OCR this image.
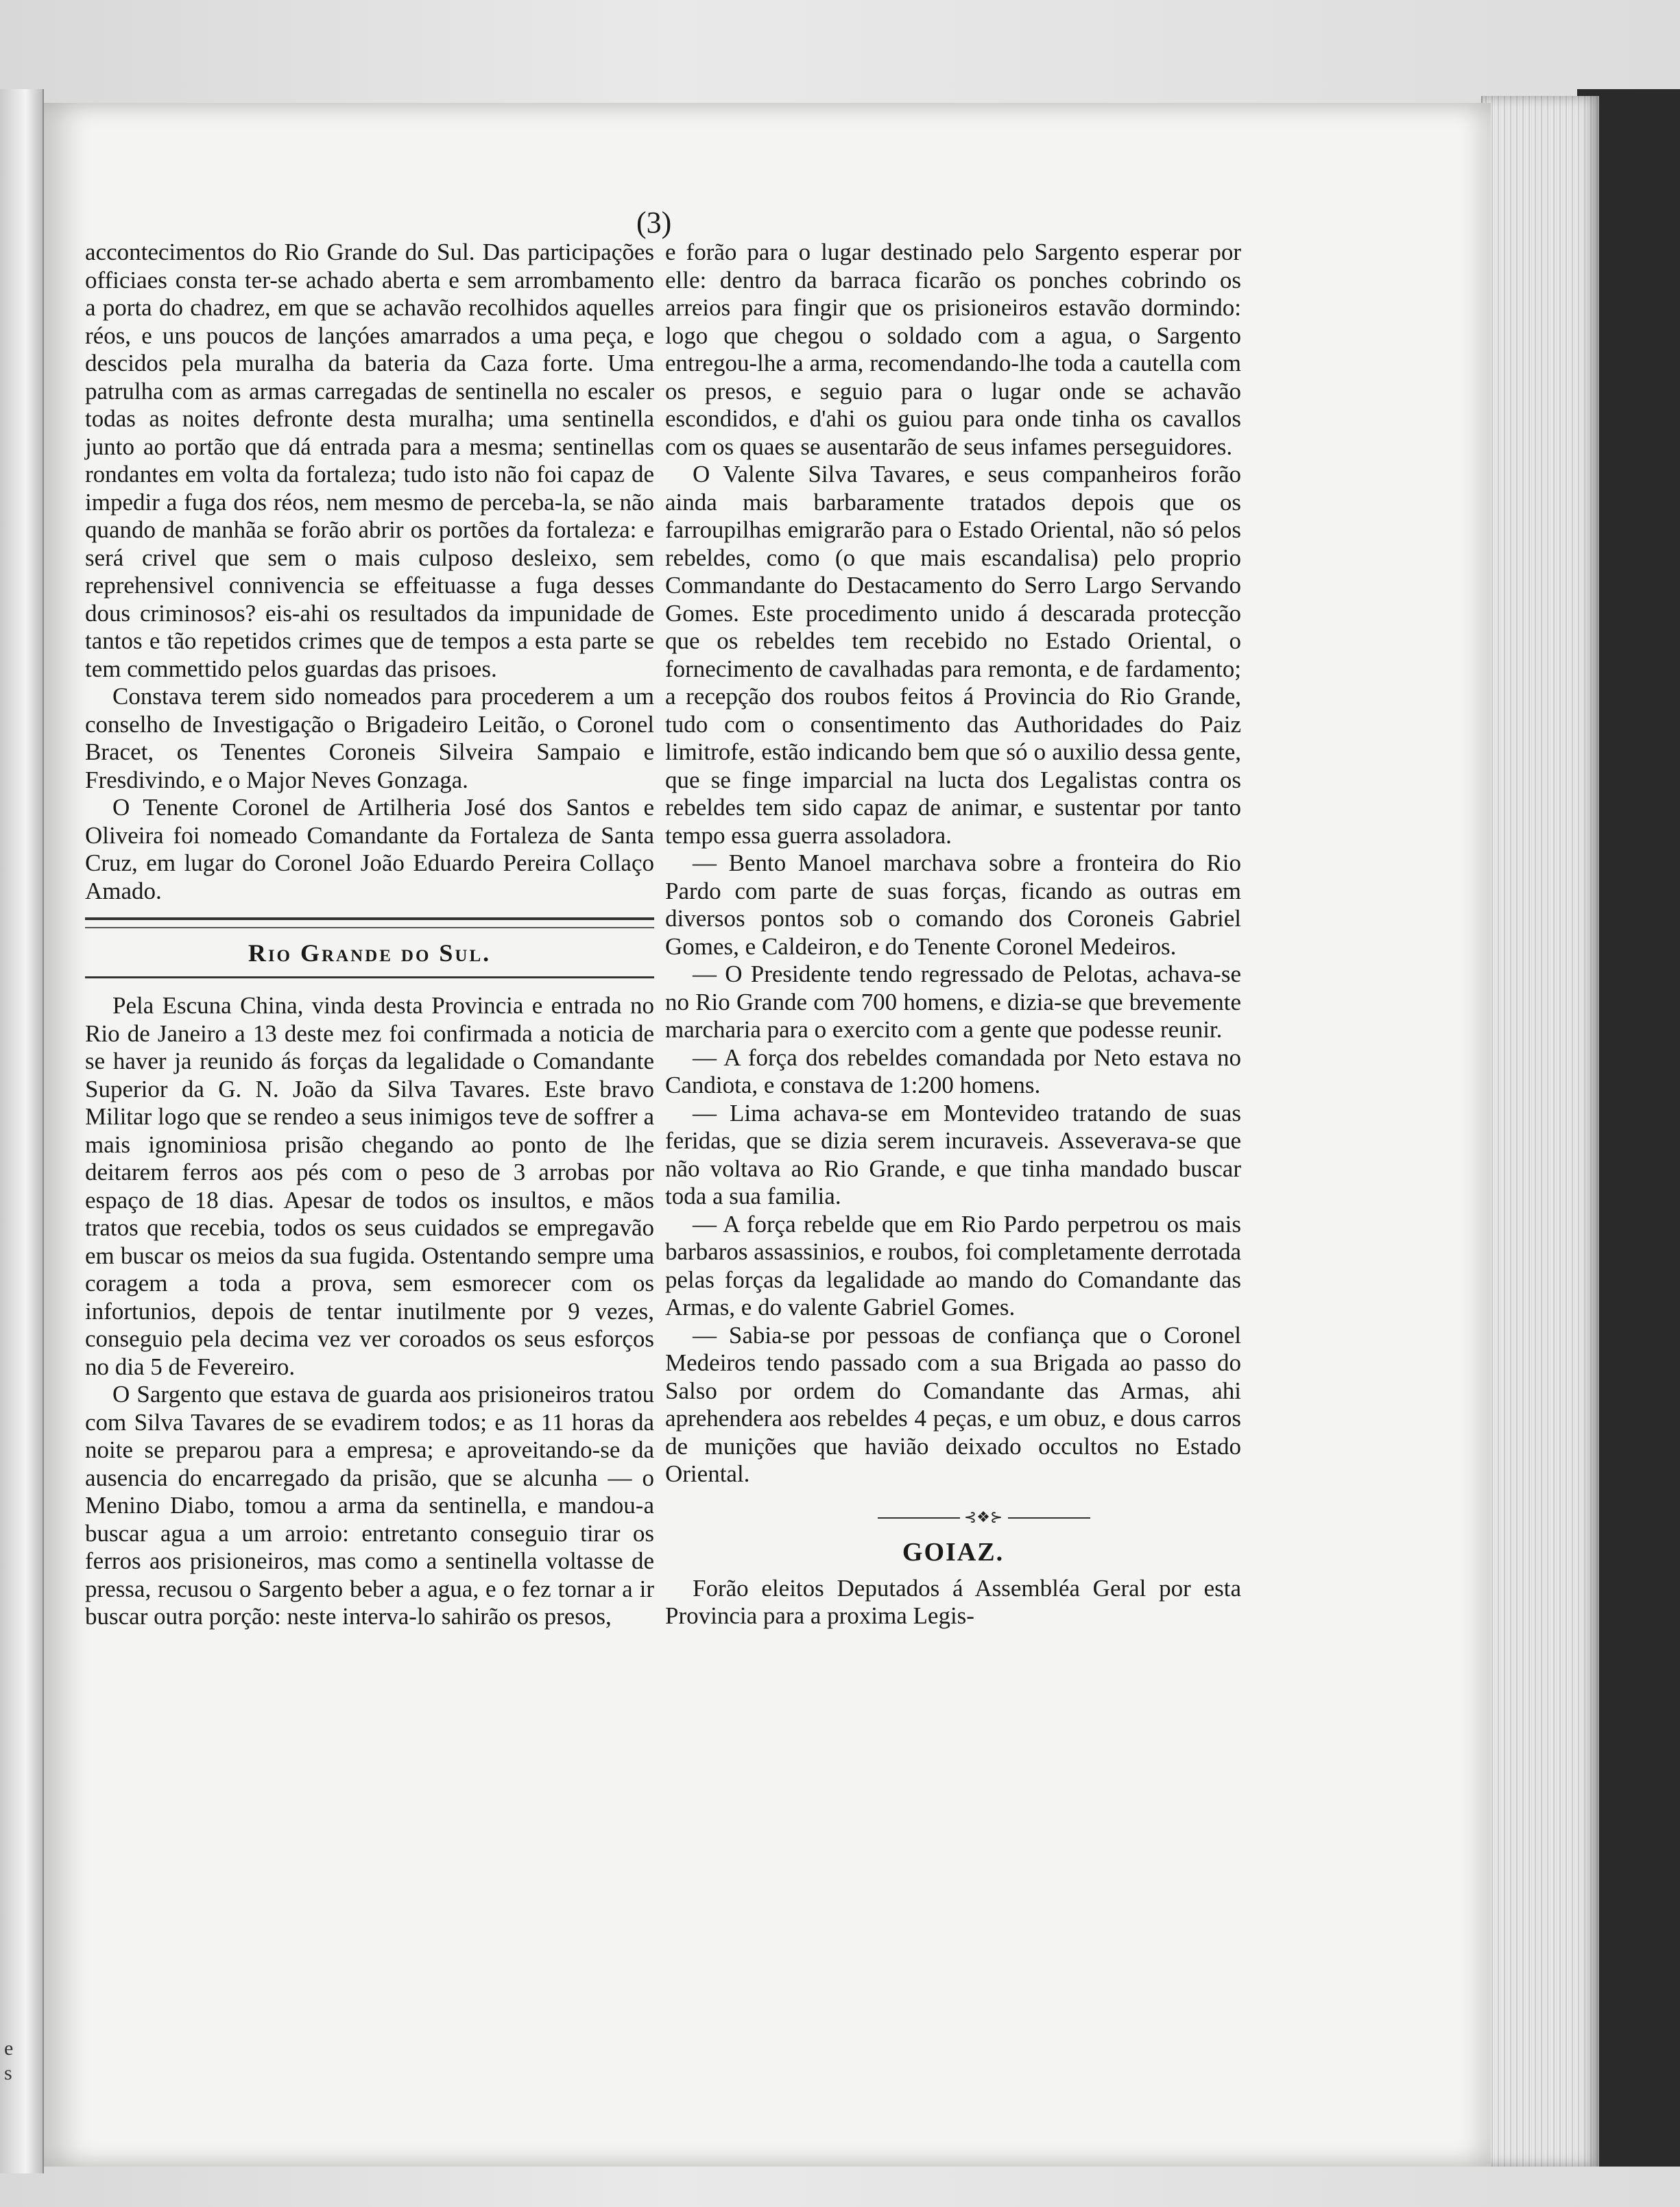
e
s
(3)

accontecimentos do Rio Grande do Sul. Das participações officiaes consta ter-se achado aberta e sem arrombamento a porta do chadrez, em que se achavão recolhidos aquelles réos, e uns poucos de lançóes amarrados a uma peça, e descidos pela muralha da bateria da Caza forte. Uma patrulha com as armas carregadas de sentinella no escaler todas as noites defronte desta muralha; uma sentinella junto ao portão que dá entrada para a mesma; sentinellas rondantes em volta da fortaleza; tudo isto não foi capaz de impedir a fuga dos réos, nem mesmo de perceba-la, se não quando de manhãa se forão abrir os portões da fortaleza: e será crivel que sem o mais culposo desleixo, sem reprehensivel connivencia se effeituasse a fuga desses dous criminosos? eis-ahi os resultados da impunidade de tantos e tão repetidos crimes que de tempos a esta parte se tem commettido pelos guardas das prisoes.

Constava terem sido nomeados para procederem a um conselho de Investigação o Brigadeiro Leitão, o Coronel Bracet, os Tenentes Coroneis Silveira Sampaio e Fresdivindo, e o Major Neves Gonzaga.

O Tenente Coronel de Artilheria José dos Santos e Oliveira foi nomeado Comandante da Fortaleza de Santa Cruz, em lugar do Coronel João Eduardo Pereira Collaço Amado.

Rio Grande do Sul.

Pela Escuna China, vinda desta Provincia e entrada no Rio de Janeiro a 13 deste mez foi confirmada a noticia de se haver ja reunido ás forças da legalidade o Comandante Superior da G. N. João da Silva Tavares. Este bravo Militar logo que se rendeo a seus inimigos teve de soffrer a mais ignominiosa prisão chegando ao ponto de lhe deitarem ferros aos pés com o peso de 3 arrobas por espaço de 18 dias. Apesar de todos os insultos, e mãos tratos que recebia, todos os seus cuidados se empregavão em buscar os meios da sua fugida. Ostentando sempre uma coragem a toda a prova, sem esmorecer com os infortunios, depois de tentar inutilmente por 9 vezes, conseguio pela decima vez ver coroados os seus esforços no dia 5 de Fevereiro.

O Sargento que estava de guarda aos prisioneiros tratou com Silva Tavares de se evadirem todos; e as 11 horas da noite se preparou para a empresa; e aproveitando-se da ausencia do encarregado da prisão, que se alcunha — o Menino Diabo, tomou a arma da sentinella, e mandou-a buscar agua a um arroio: entretanto conseguio tirar os ferros aos prisioneiros, mas como a sentinella voltasse de pressa, recusou o Sargento beber a agua, e o fez tornar a ir buscar outra porção: neste interva-lo sahirão os presos,

e forão para o lugar destinado pelo Sargento esperar por elle: dentro da barraca ficarão os ponches cobrindo os arreios para fingir que os prisioneiros estavão dormindo: logo que chegou o soldado com a agua, o Sargento entregou-lhe a arma, recomendando-lhe toda a cautella com os presos, e seguio para o lugar onde se achavão escondidos, e d'ahi os guiou para onde tinha os cavallos com os quaes se ausentarão de seus infames perseguidores.

O Valente Silva Tavares, e seus companheiros forão ainda mais barbaramente tratados depois que os farroupilhas emigrarão para o Estado Oriental, não só pelos rebeldes, como (o que mais escandalisa) pelo proprio Commandante do Destacamento do Serro Largo Servando Gomes. Este procedimento unido á descarada protecção que os rebeldes tem recebido no Estado Oriental, o fornecimento de cavalhadas para remonta, e de fardamento; a recepção dos roubos feitos á Provincia do Rio Grande, tudo com o consentimento das Authoridades do Paiz limitrofe, estão indicando bem que só o auxilio dessa gente, que se finge imparcial na lucta dos Legalistas contra os rebeldes tem sido capaz de animar, e sustentar por tanto tempo essa guerra assoladora.

— Bento Manoel marchava sobre a fronteira do Rio Pardo com parte de suas forças, ficando as outras em diversos pontos sob o comando dos Coroneis Gabriel Gomes, e Caldeiron, e do Tenente Coronel Medeiros.

— O Presidente tendo regressado de Pelotas, achava-se no Rio Grande com 700 homens, e dizia-se que brevemente marcharia para o exercito com a gente que podesse reunir.

— A força dos rebeldes comandada por Neto estava no Candiota, e constava de 1:200 homens.

— Lima achava-se em Montevideo tratando de suas feridas, que se dizia serem incuraveis. Asseverava-se que não voltava ao Rio Grande, e que tinha mandado buscar toda a sua familia.

— A força rebelde que em Rio Pardo perpetrou os mais barbaros assassinios, e roubos, foi completamente derrotada pelas forças da legalidade ao mando do Comandante das Armas, e do valente Gabriel Gomes.

— Sabia-se por pessoas de confiança que o Coronel Medeiros tendo passado com a sua Brigada ao passo do Salso por ordem do Comandante das Armas, ahi aprehendera aos rebeldes 4 peças, e um obuz, e dous carros de munições que havião deixado occultos no Estado Oriental.

⊰❖⊱
GOIAZ.

Forão eleitos Deputados á Assembléa Geral por esta Provincia para a proxima Legis-
